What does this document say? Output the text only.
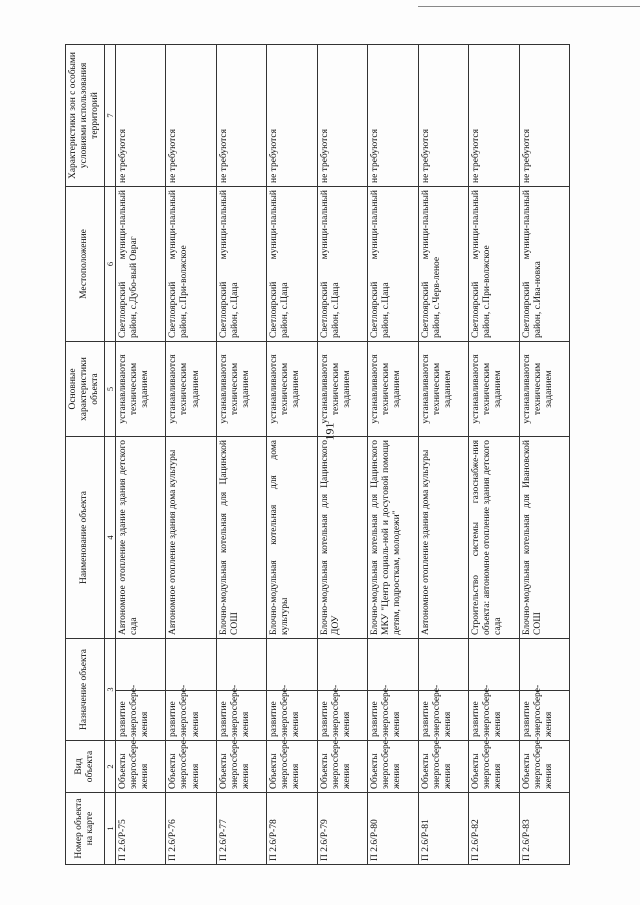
191
Номер объекта на карте	Вид объекта	Назначение объекта		Наименование объекта	Основные характеристики объекта	Местоположение	Характеристики зон с особыми условиями использования территорий
1	2	3		4	5	6	7
П 2.6/Р-75	Объекты энергосбере-жения	развитие энергосбере-жения		Автономное отопление здание здания детского сада	устанавливаются техническим заданием	Светлоярский муници-пальный район, с.Дубо-вый Овраг	не требуются
П 2.6/Р-76	Объекты энергосбере-жения	развитие энергосбере-жения		Автономное отопление здания дома культуры	устанавливаются техническим заданием	Светлоярский муници-пальный район, с.При-волжское	не требуются
П 2.6/Р-77	Объекты энергосбере-жения	развитие энергосбере-жения		Блочно-модульная котельная для Цацинской СОШ	устанавливаются техническим заданием	Светлоярский муници-пальный район, с.Цаца	не требуются
П 2.6/Р-78	Объекты энергосбере-жения	развитие энергосбере-жения		Блочно-модульная котельная для дома культуры	устанавливаются техническим заданием	Светлоярский муници-пальный район, с.Цаца	не требуются
П 2.6/Р-79	Объекты энергосбере-жения	развитие энергосбере-жения		Блочно-модульная котельная для Цацинского ДОУ	устанавливаются техническим заданием	Светлоярский муници-пальный район, с.Цаца	не требуются
П 2.6/Р-80	Объекты энергосбере-жения	развитие энергосбере-жения		Блочно-модульная котельная для Цацинского МКУ "Центр социаль-ной и досуговой помощи детям, подросткам, молодежи"	устанавливаются техническим заданием	Светлоярский муници-пальный район, с.Цаца	не требуются
П 2.6/Р-81	Объекты энергосбере-жения	развитие энергосбере-жения		Автономное отопление здания дома культуры	устанавливаются техническим заданием	Светлоярский муници-пальный район, с.Черв-леное	не требуются
П 2.6/Р-82	Объекты энергосбере-жения	развитие энергосбере-жения		Строительство системы газоснабже-ния объекта: автономное отопление здания детского сада	устанавливаются техническим заданием	Светлоярский муници-пальный район, с.При-волжское	не требуются
П 2.6/Р-83	Объекты энергосбере-жения	развитие энергосбере-жения		Блочно-модульная котельная для Ивановской СОШ	устанавливаются техническим заданием	Светлоярский муници-пальный район, с.Ива-новка	не требуются
